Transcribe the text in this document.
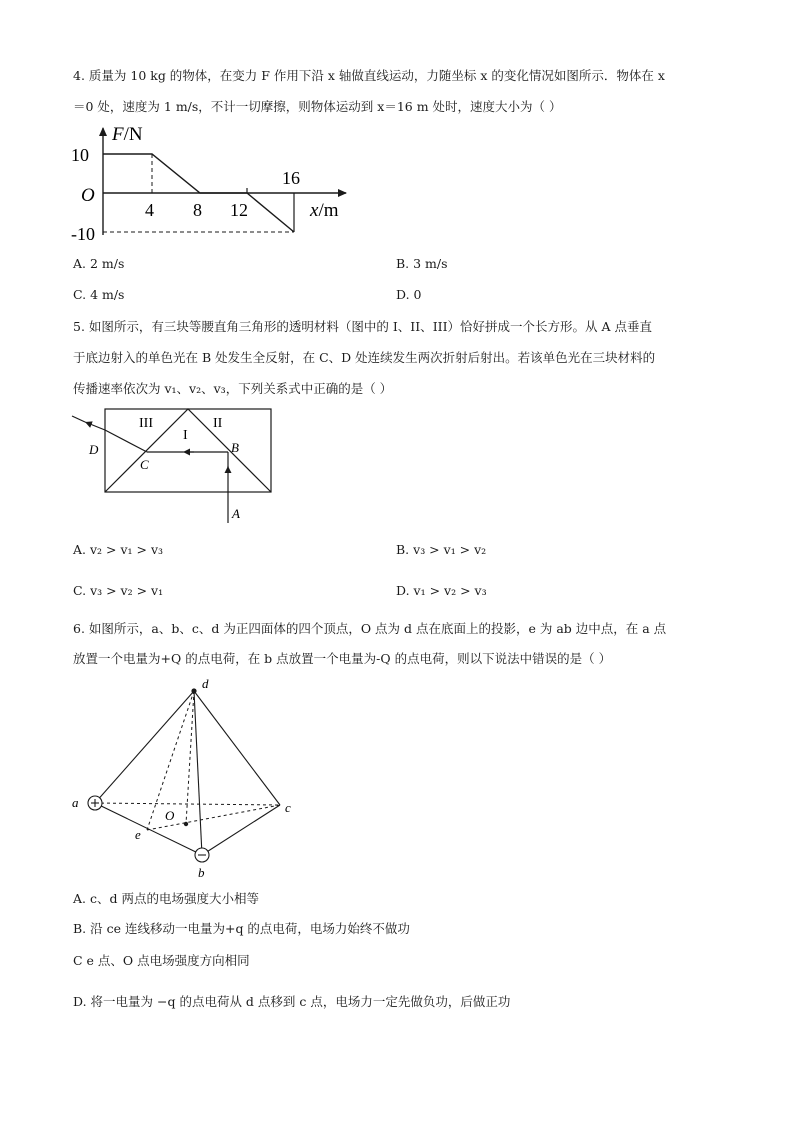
4. 质量为 10 kg 的物体，在变力 F 作用下沿 x 轴做直线运动，力随坐标 x 的变化情况如图所示．物体在 x
＝0 处，速度为 1 m/s，不计一切摩擦，则物体运动到 x＝16 m 处时，速度大小为（ ）
F/N
10
O
-10
4 8 12
16
x/m
A. 2 m/s	B. 3 m/s
C. 4 m/s	D. 0
5. 如图所示，有三块等腰直角三角形的透明材料（图中的 I、II、III）恰好拼成一个长方形。从 A 点垂直
于底边射入的单色光在 B 处发生全反射，在 C、D 处连续发生两次折射后射出。若该单色光在三块材料的
传播速率依次为 v₁、v₂、v₃，下列关系式中正确的是（ ）
III
I
II
B
C
D
A
A. v₂ > v₁ > v₃	B. v₃ > v₁ > v₂
C. v₃ > v₂ > v₁	D. v₁ > v₂ > v₃
6. 如图所示，a、b、c、d 为正四面体的四个顶点，O 点为 d 点在底面上的投影，e 为 ab 边中点，在 a 点
放置一个电量为+Q 的点电荷，在 b 点放置一个电量为-Q 的点电荷，则以下说法中错误的是（ ）
d
a	c
b
e
O
A. c、d 两点的电场强度大小相等
B. 沿 ce 连线移动一电量为+q 的点电荷，电场力始终不做功
C e 点、O 点电场强度方向相同
D. 将一电量为 −q 的点电荷从 d 点移到 c 点，电场力一定先做负功，后做正功
